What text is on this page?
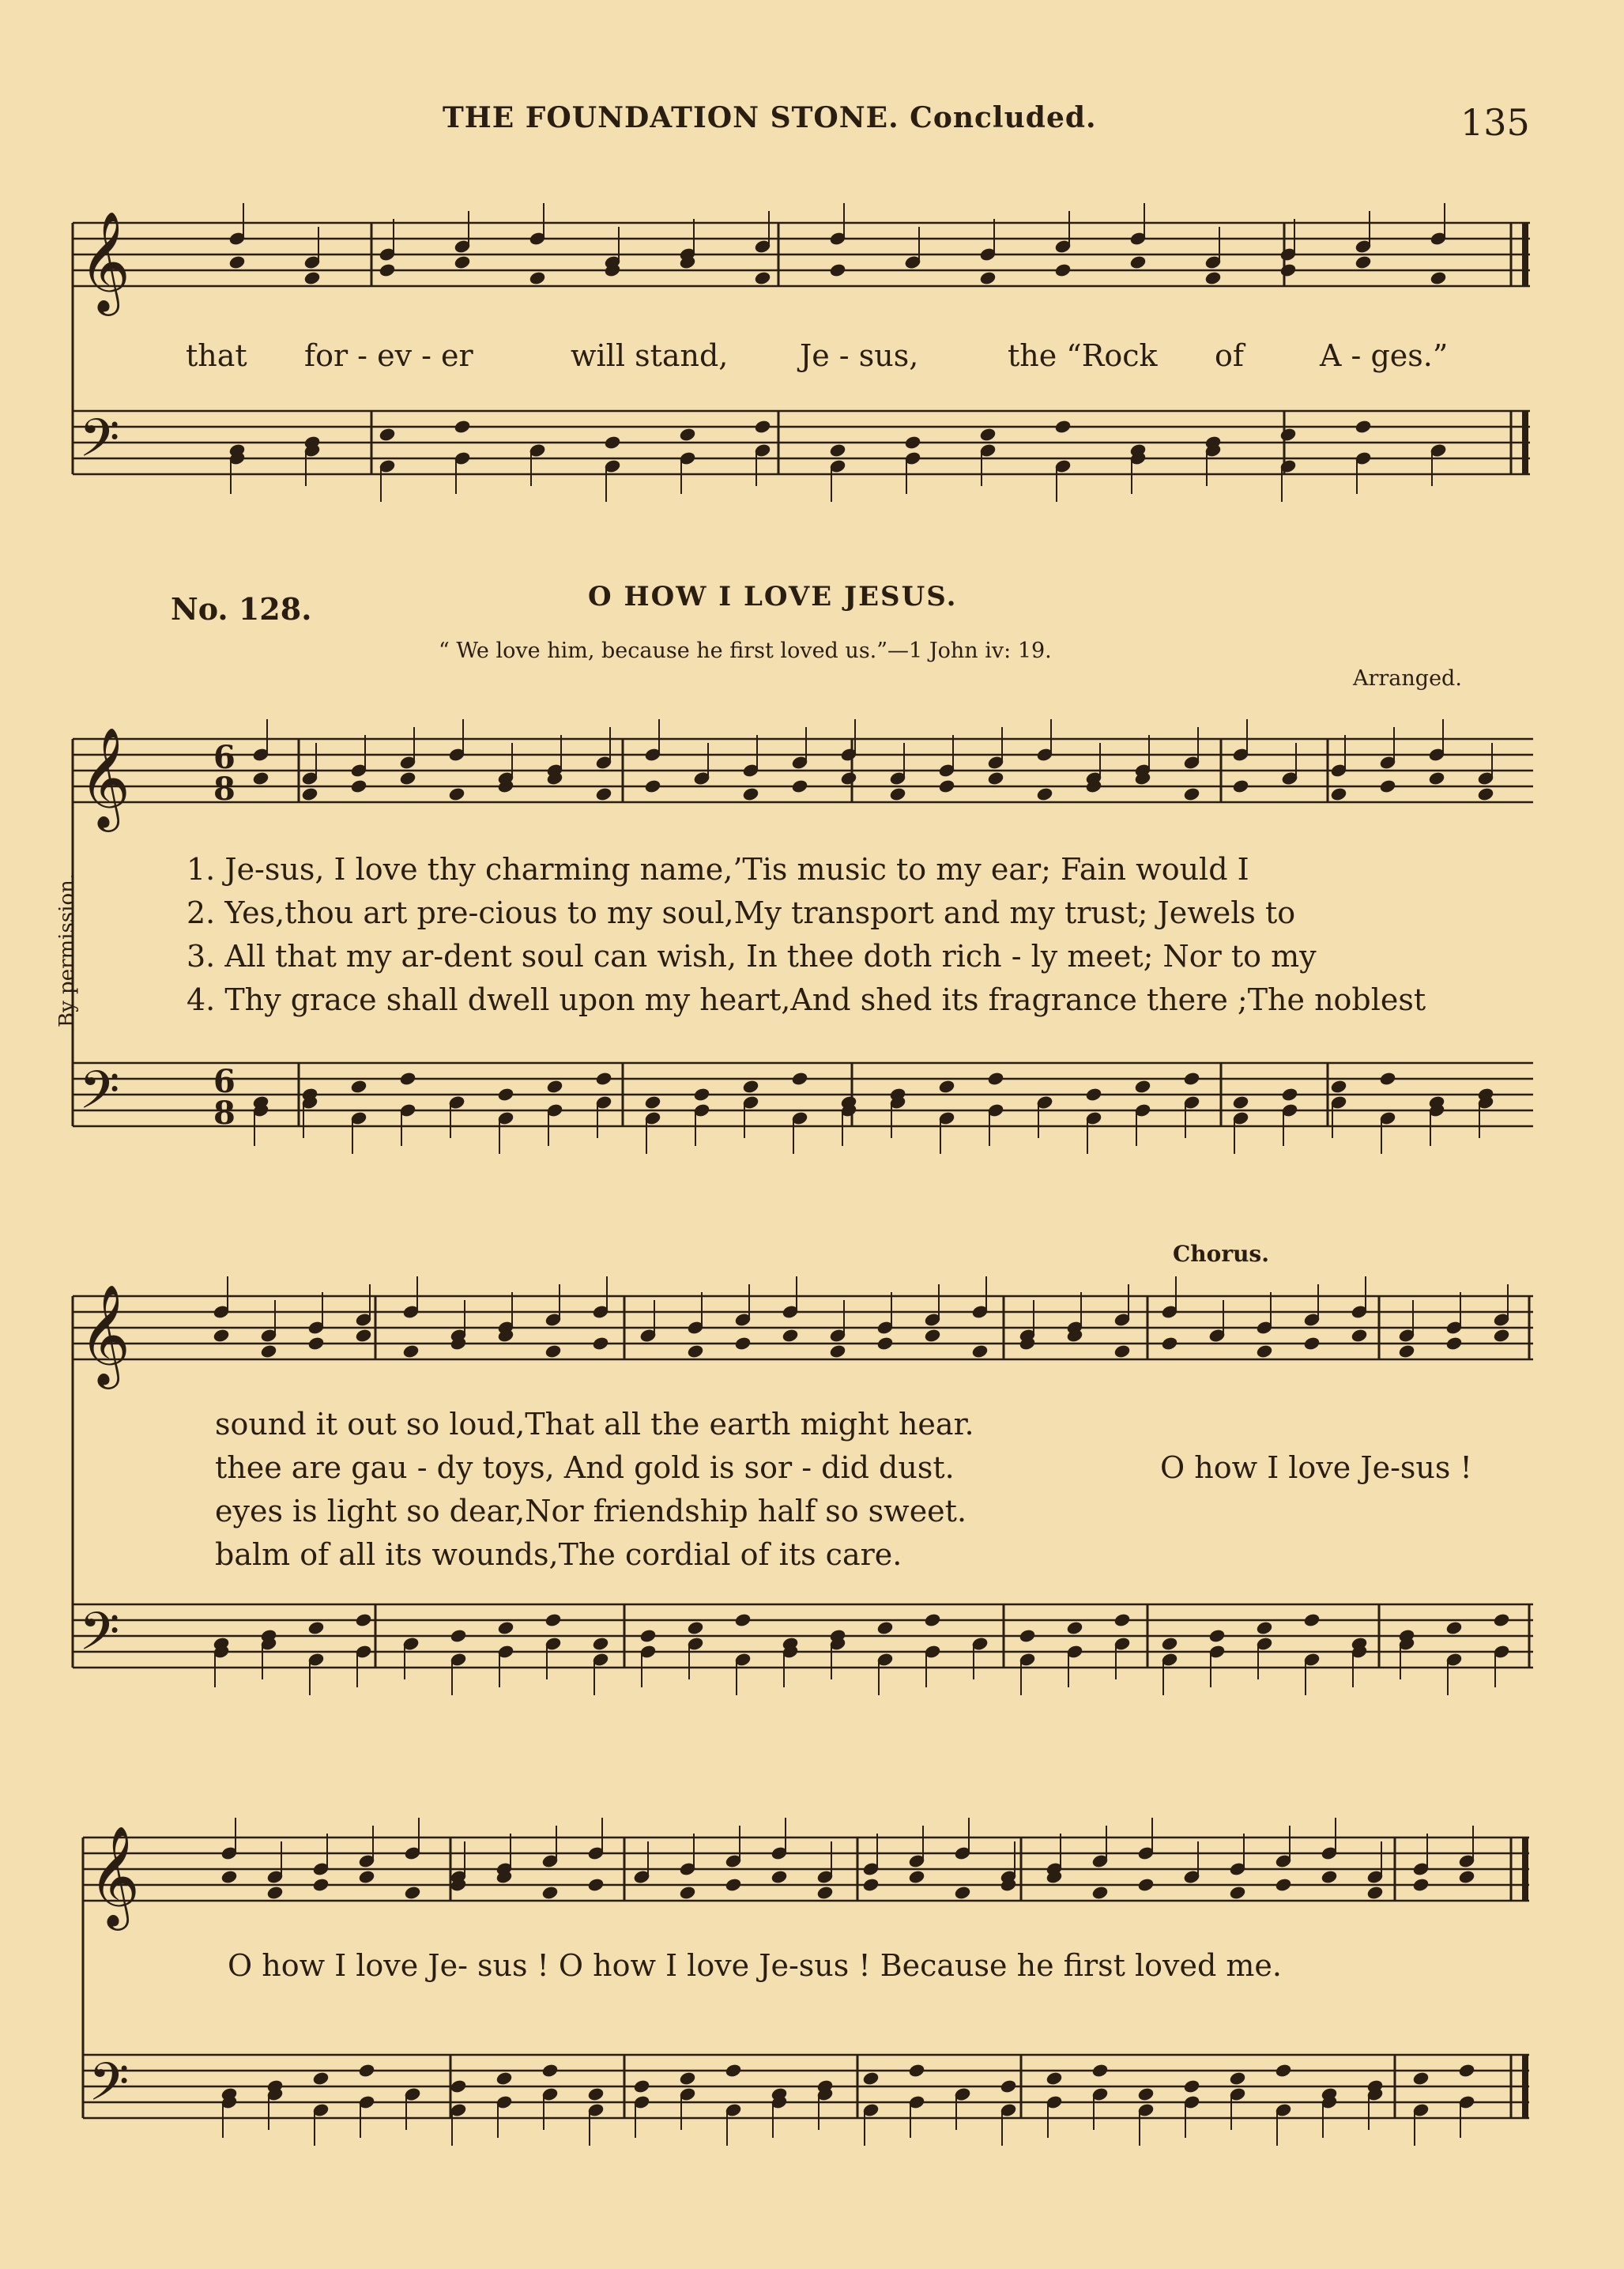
THE FOUNDATION STONE. Concluded.	135
𝄞
𝄢
𝄞
𝄢
𝄞
𝄢
𝄞
𝄢
6
8
6
8
No. 128.	O HOW I LOVE JESUS.
“ We love him, because he first loved us.”—1 John iv: 19.
Arranged.
By permission.
Chorus.
that for - ev - er	will stand, Je - sus,	the “Rock of	A - ges.”
1. Je-sus, I love thy charming name,’Tis music to my ear; Fain would I
2. Yes,thou art pre-cious to my soul,My transport and my trust; Jewels to
3. All that my ar-dent soul can wish, In thee doth rich - ly meet; Nor to my
4. Thy grace shall dwell upon my heart,And shed its fragrance there ;The noblest
sound it out so loud,That all the earth might hear.
thee are gau - dy toys, And gold is sor - did dust.
eyes is light so dear,Nor friendship half so sweet.
balm of all its wounds,The cordial of its care.
O how I love Je-sus !
O how I love Je- sus ! O how I love Je-sus ! Because he first loved me.
